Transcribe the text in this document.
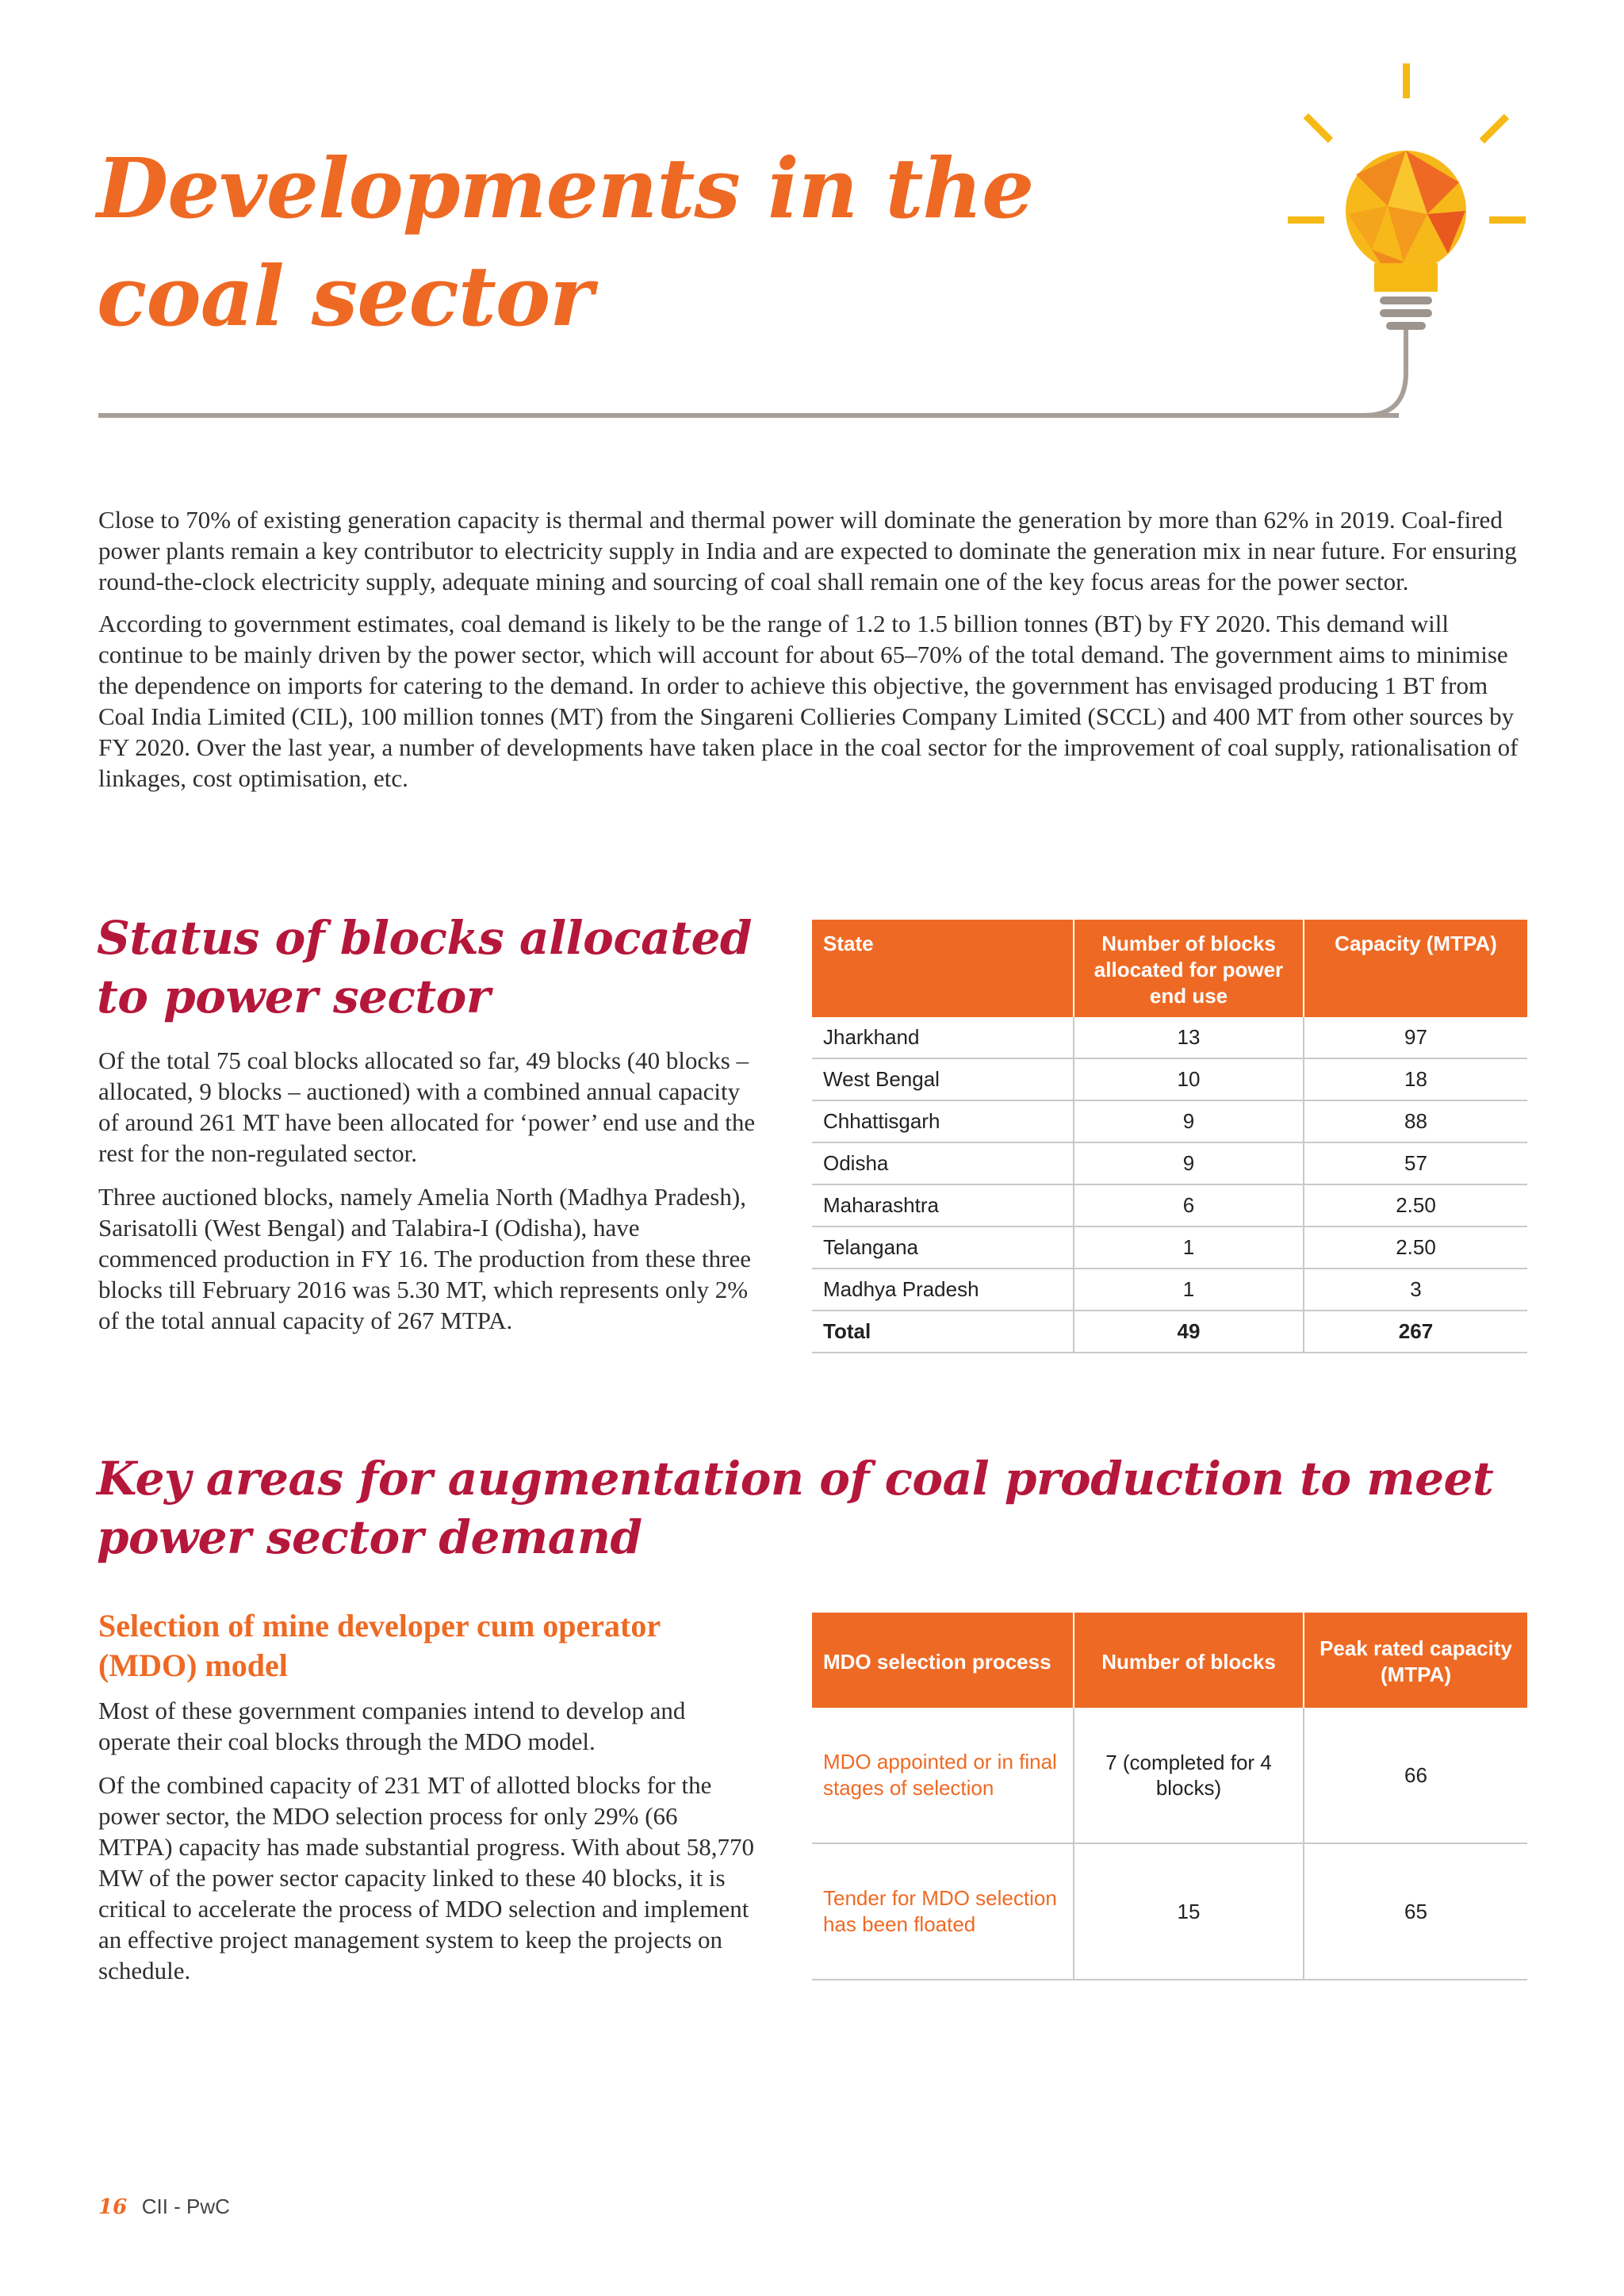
Developments in the
coal sector

Close to 70% of existing generation capacity is thermal and thermal power will dominate the generation by more than 62% in 2019. Coal-fired power plants remain a key contributor to electricity supply in India and are expected to dominate the generation mix in near future. For ensuring round-the-clock electricity supply, adequate mining and sourcing of coal shall remain one of the key focus areas for the power sector.

According to government estimates, coal demand is likely to be the range of 1.2 to 1.5 billion tonnes (BT) by FY 2020. This demand will continue to be mainly driven by the power sector, which will account for about 65–70% of the total demand. The government aims to minimise the dependence on imports for catering to the demand. In order to achieve this objective, the government has envisaged producing 1 BT from Coal India Limited (CIL), 100 million tonnes (MT) from the Singareni Collieries Company Limited (SCCL) and 400 MT from other sources by FY 2020. Over the last year, a number of developments have taken place in the coal sector for the improvement of coal supply, rationalisation of linkages, cost optimisation, etc.

Status of blocks allocated
to power sector

Of the total 75 coal blocks allocated so far, 49 blocks (40 blocks – allocated, 9 blocks – auctioned) with a combined annual capacity of around 261 MT have been allocated for ‘power’ end use and the rest for the non-regulated sector.

Three auctioned blocks, namely Amelia North (Madhya Pradesh), Sarisatolli (West Bengal) and Talabira-I (Odisha), have commenced production in FY 16. The production from these three blocks till February 2016 was 5.30 MT, which represents only 2% of the total annual capacity of 267 MTPA.

State	Number of blocks allocated for power end use	Capacity (MTPA)
Jharkhand	13	97
West Bengal	10	18
Chhattisgarh	9	88
Odisha	9	57
Maharashtra	6	2.50
Telangana	1	2.50
Madhya Pradesh	1	3
Total	49	267
Key areas for augmentation of coal production to meet
power sector demand
Selection of mine developer cum operator
(MDO) model

Most of these government companies intend to develop and operate their coal blocks through the MDO model.

Of the combined capacity of 231 MT of allotted blocks for the power sector, the MDO selection process for only 29% (66 MTPA) capacity has made substantial progress. With about 58,770 MW of the power sector capacity linked to these 40 blocks, it is critical to accelerate the process of MDO selection and implement an effective project management system to keep the projects on schedule.

MDO selection process	Number of blocks	Peak rated capacity (MTPA)
MDO appointed or in final stages of selection	7 (completed for 4 blocks)	66
Tender for MDO selection has been floated	15	65
16 CII - PwC
